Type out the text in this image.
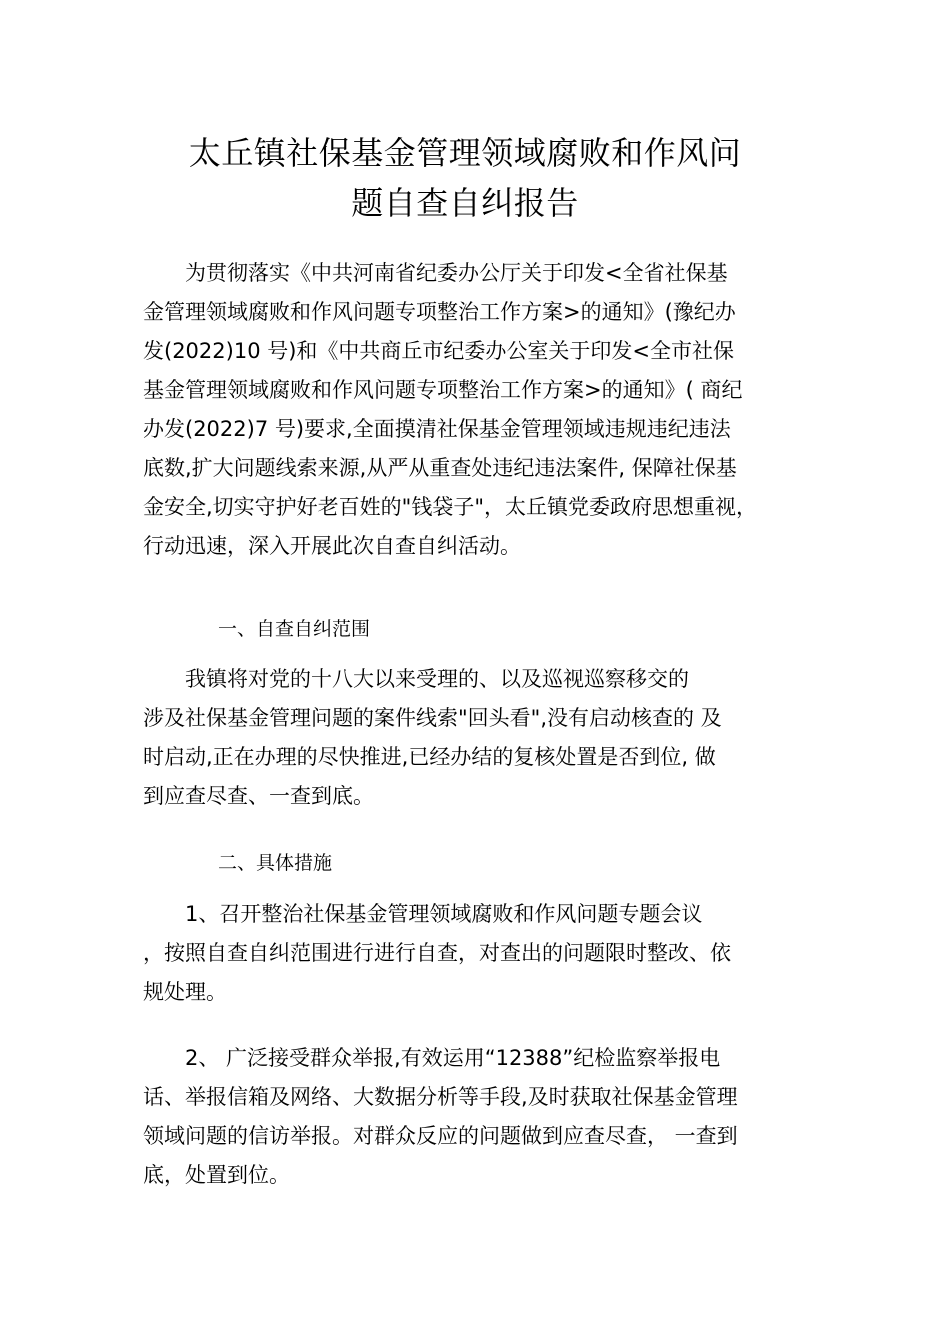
太丘镇社保基金管理领域腐败和作风问
题自查自纠报告

　　为贯彻落实《中共河南省纪委办公厅关于印发<全省社保基
金管理领域腐败和作风问题专项整治工作方案>的通知》(豫纪办
发(2022)10 号)和《中共商丘市纪委办公室关于印发<全市社保
基金管理领域腐败和作风问题专项整治工作方案>的通知》( 商纪
办发(2022)7 号)要求,全面摸清社保基金管理领域违规违纪违法
底数,扩大问题线索来源,从严从重查处违纪违法案件, 保障社保基
金安全,切实守护好老百姓的"钱袋子"，太丘镇党委政府思想重视，
行动迅速，深入开展此次自查自纠活动。

一、自查自纠范围

　　我镇将对党的十八大以来受理的、以及巡视巡察移交的
涉及社保基金管理问题的案件线索"回头看",没有启动核查的 及
时启动,正在办理的尽快推进,已经办结的复核处置是否到位, 做
到应查尽查、一查到底。

二、具体措施

　　1、召开整治社保基金管理领域腐败和作风问题专题会议
，按照自查自纠范围进行进行自查，对查出的问题限时整改、依
规处理。

　　2、 广泛接受群众举报,有效运用“12388”纪检监察举报电
话、举报信箱及网络、大数据分析等手段,及时获取社保基金管理
领域问题的信访举报。对群众反应的问题做到应查尽查， 一查到
底，处置到位。
